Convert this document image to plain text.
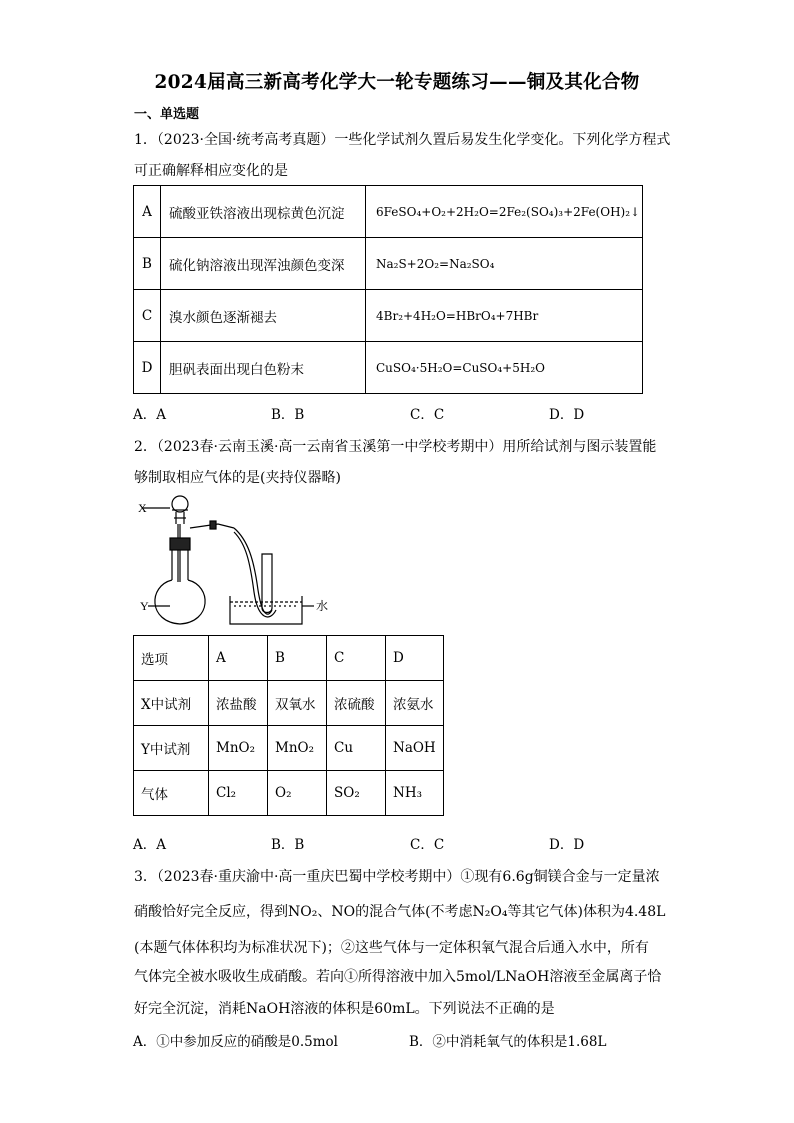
2024届高三新高考化学大一轮专题练习——铜及其化合物
一、单选题
1．（2023·全国·统考高考真题）一些化学试剂久置后易发生化学变化。下列化学方程式
可正确解释相应变化的是
A	硫酸亚铁溶液出现棕黄色沉淀	6FeSO₄+O₂+2H₂O=2Fe₂(SO₄)₃+2Fe(OH)₂↓
B	硫化钠溶液出现浑浊颜色变深	Na₂S+2O₂=Na₂SO₄
C	溴水颜色逐渐褪去	4Br₂+4H₂O=HBrO₄+7HBr
D	胆矾表面出现白色粉末	CuSO₄·5H₂O=CuSO₄+5H₂O
A．A	B．B	C．C	D．D
2．（2023春·云南玉溪·高一云南省玉溪第一中学校考期中）用所给试剂与图示装置能
够制取相应气体的是(夹持仪器略)
X
Y	水
选项	A	B	C	D
X中试剂	浓盐酸	双氧水	浓硫酸	浓氨水
Y中试剂	MnO₂	MnO₂	Cu	NaOH
气体	Cl₂	O₂	SO₂	NH₃
A．A	B．B	C．C	D．D
3．（2023春·重庆渝中·高一重庆巴蜀中学校考期中）①现有6.6g铜镁合金与一定量浓
硝酸恰好完全反应，得到NO₂、NO的混合气体(不考虑N₂O₄等其它气体)体积为4.48L
(本题气体体积均为标准状况下)；②这些气体与一定体积氧气混合后通入水中，所有
气体完全被水吸收生成硝酸。若向①所得溶液中加入5mol/LNaOH溶液至金属离子恰
好完全沉淀，消耗NaOH溶液的体积是60mL。下列说法不正确的是
A．①中参加反应的硝酸是0.5mol	B．②中消耗氧气的体积是1.68L
